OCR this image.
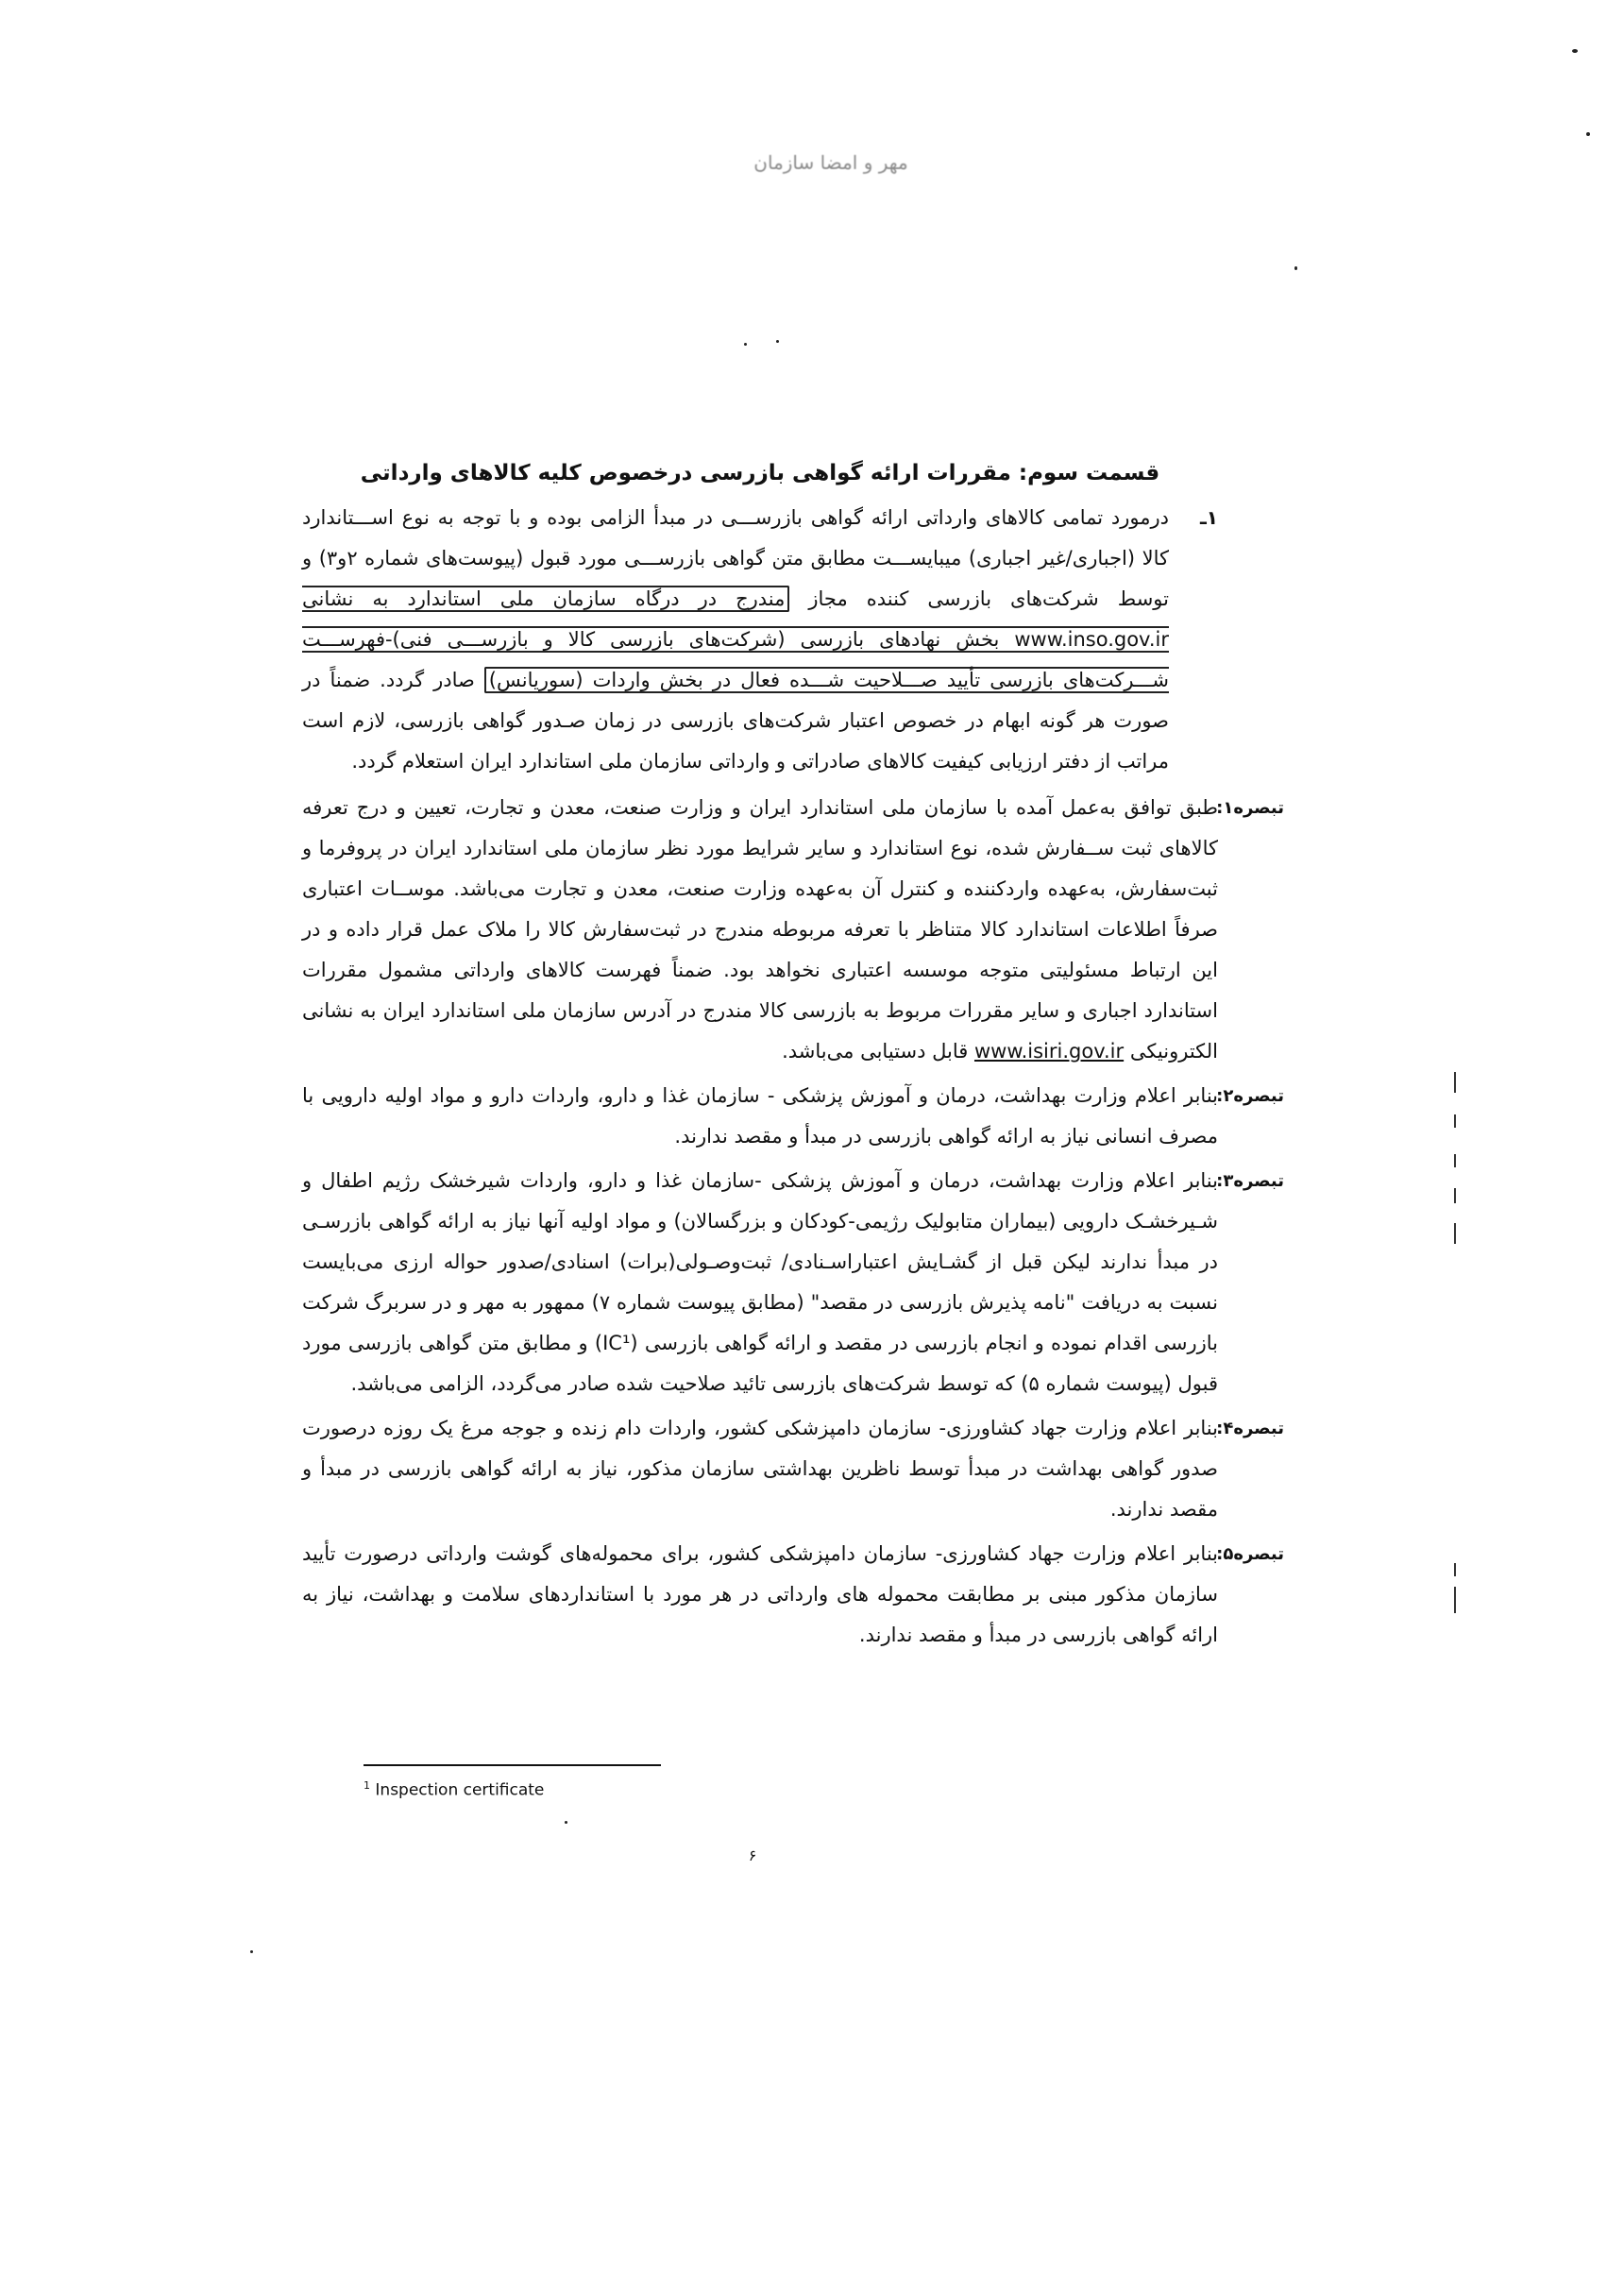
مهر و امضا سازمان
قسمت سوم: مقررات ارائه گواهی بازرسی درخصوص کلیه کالاهای وارداتی
۱ـ
درمورد تمامی کالاهای وارداتی ارائه گواهی بازرســـی در مبدأ الزامی بوده و با توجه به نوع اســـتاندارد کالا (اجباری/غیر اجباری) میبایســـت مطابق متن گواهی بازرســـی مورد قبول (پیوست‌های شماره ۲و۳) و توسط شرکت‌های بازرسی کننده مجاز مندرج در درگاه سازمان ملی استاندارد به نشانی www.inso.gov.ir بخش نهادهای بازرسی (شرکت‌های بازرسی کالا و بازرســـی فنی)-فهرســـت شـــرکت‌های بازرسی تأیید صـــلاحیت شـــده فعال در بخش واردات (سوریانس) صادر گردد. ضمناً در صورت هر گونه ابهام در خصوص اعتبار شرکت‌های بازرسی در زمان صـدور گواهی بازرسی، لازم است مراتب از دفتر ارزیابی کیفیت کالاهای صادراتی و وارداتی سازمان ملی استاندارد ایران استعلام گردد.
تبصره۱:
طبق توافق به‌عمل آمده با سازمان ملی استاندارد ایران و وزارت صنعت، معدن و تجارت، تعیین و درج تعرفه کالاهای ثبت ســفارش شده، نوع استاندارد و سایر شرایط مورد نظر سازمان ملی استاندارد ایران در پروفرما و ثبت‌سفارش، به‌عهده واردکننده و کنترل آن به‌عهده وزارت صنعت، معدن و تجارت می‌باشد. موســات اعتباری صرفاً اطلاعات استاندارد کالا متناظر با تعرفه مربوطه مندرج در ثبت‌سفارش کالا را ملاک عمل قرار داده و در این ارتباط مسئولیتی متوجه موسسه اعتباری نخواهد بود. ضمناً فهرست کالاهای وارداتی مشمول مقررات استاندارد اجباری و سایر مقررات مربوط به بازرسی کالا مندرج در آدرس سازمان ملی استاندارد ایران به نشانی الکترونیکی www.isiri.gov.ir قابل دستیابی می‌باشد.
تبصره۲:
بنابر اعلام وزارت بهداشت، درمان و آموزش پزشکی - سازمان غذا و دارو، واردات دارو و مواد اولیه دارویی با مصرف انسانی نیاز به ارائه گواهی بازرسی در مبدأ و مقصد ندارند.
تبصره۳:
بنابر اعلام وزارت بهداشت، درمان و آموزش پزشکی -سازمان غذا و دارو، واردات شیرخشک رژیم اطفال و شـیرخشـک دارویی (بیماران متابولیک رژیمی-کودکان و بزرگسالان) و مواد اولیه آنها نیاز به ارائه گواهی بازرسـی در مبدأ ندارند لیکن قبل از گشـایش اعتباراسـنادی/ ثبت‌وصـولی(برات) اسنادی/صدور حواله ارزی می‌بایست نسبت به دریافت "نامه پذیرش بازرسی در مقصد" (مطابق پیوست شماره ۷) ممهور به مهر و در سربرگ شرکت بازرسی اقدام نموده و انجام بازرسی در مقصد و ارائه گواهی بازرسی (IC¹) و مطابق متن گواهی بازرسی مورد قبول (پیوست شماره ۵) که توسط شرکت‌های بازرسی تائید صلاحیت شده صادر می‌گردد، الزامی می‌باشد.
تبصره۴:
بنابر اعلام وزارت جهاد کشاورزی- سازمان دامپزشکی کشور، واردات دام زنده و جوجه مرغ یک روزه درصورت صدور گواهی بهداشت در مبدأ توسط ناظرین بهداشتی سازمان مذکور، نیاز به ارائه گواهی بازرسی در مبدأ و مقصد ندارند.
تبصره۵:
بنابر اعلام وزارت جهاد کشاورزی- سازمان دامپزشکی کشور، برای محموله‌های گوشت وارداتی درصورت تأیید سازمان مذکور مبنی بر مطابقت محموله های وارداتی در هر مورد با استانداردهای سلامت و بهداشت، نیاز به ارائه گواهی بازرسی در مبدأ و مقصد ندارند.
$^1$ Inspection certificate
۶
